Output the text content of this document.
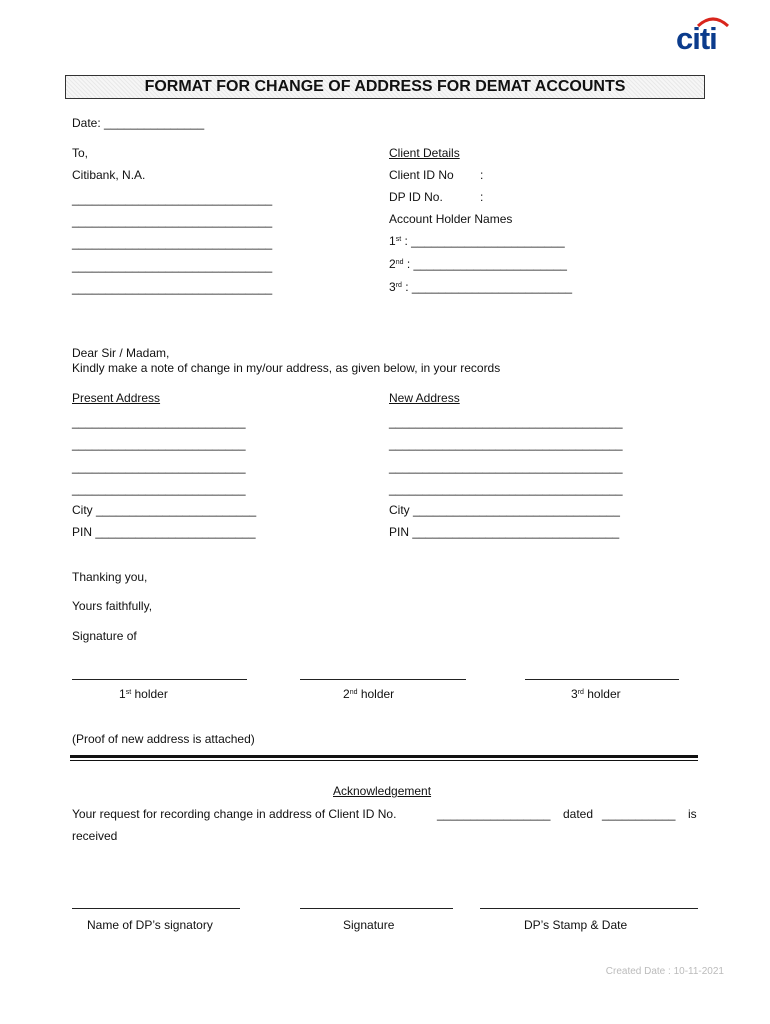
citi
FORMAT FOR CHANGE OF ADDRESS FOR DEMAT ACCOUNTS
Date: _______________
To,
Citibank, N.A.
______________________________
______________________________
______________________________
______________________________
______________________________
Client Details
Client ID No :
DP ID No.	:
Account Holder Names
1st : _______________________
2nd : _______________________
3rd : ________________________
Dear Sir / Madam,
Kindly make a note of change in my/our address, as given below, in your records
Present Address
__________________________
__________________________
__________________________
__________________________
City ________________________
PIN ________________________
New Address
___________________________________
___________________________________
___________________________________
___________________________________
City _______________________________
PIN _______________________________
Thanking you,
Yours faithfully,
Signature of
1st holder	2nd holder	3rd holder
(Proof of new address is attached)
Acknowledgement
Your request for recording change in address of Client ID No.	_________________ dated ___________ is
received
Name of DP’s signatory	Signature	DP’s Stamp & Date
Created Date : 10-11-2021
